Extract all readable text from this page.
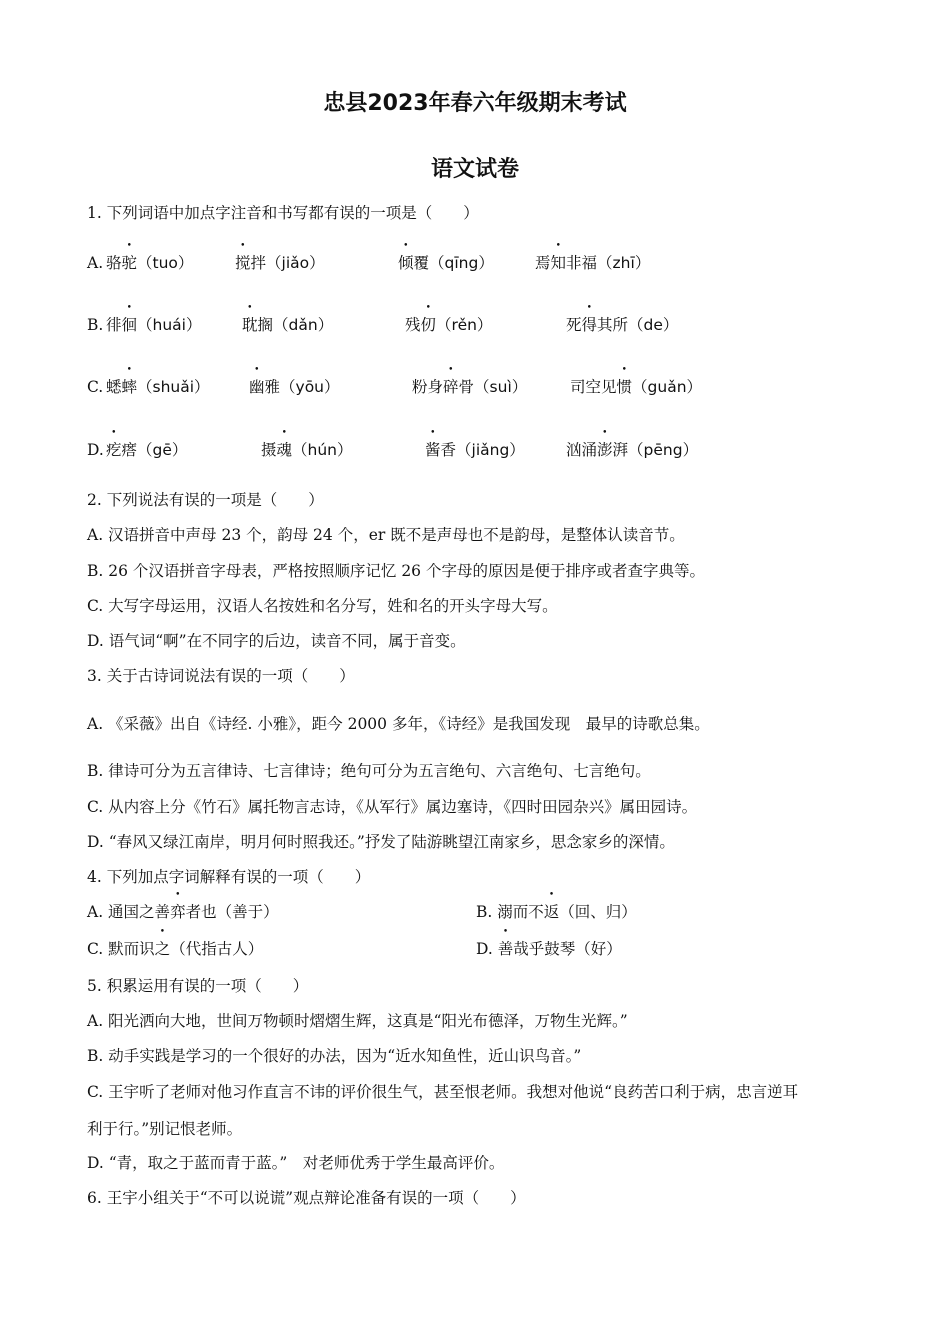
忠县2023年春六年级期末考试
语文试卷
1. 下列词语中加点字注音和书写都有误的一项是（　　）
A. 骆驼（tuo）	搅拌（jiǎo）	倾覆（qīng）	焉知非福（zhī）
B. 徘徊（huái）	耽搁（dǎn）	残仞（rěn）	死得其所（de）
C. 蟋蟀（shuǎi）	幽雅（yōu）	粉身碎骨（suì）	司空见惯（guǎn）
D. 疙瘩（gē）	摄魂（hún）	酱香（jiǎng）	汹涌澎湃（pēng）
2. 下列说法有误的一项是（　　）
A. 汉语拼音中声母 23 个，韵母 24 个，er 既不是声母也不是韵母，是整体认读音节。
B. 26 个汉语拼音字母表，严格按照顺序记忆 26 个字母的原因是便于排序或者查字典等。
C. 大写字母运用，汉语人名按姓和名分写，姓和名的开头字母大写。
D. 语气词“啊”在不同字的后边，读音不同，属于音变。
3. 关于古诗词说法有误的一项（　　）
A. 《采薇》出自《诗经. 小雅》，距今 2000 多年，《诗经》是我国发现　最早的诗歌总集。
B. 律诗可分为五言律诗、七言律诗；绝句可分为五言绝句、六言绝句、七言绝句。
C. 从内容上分《竹石》属托物言志诗，《从军行》属边塞诗，《四时田园杂兴》属田园诗。
D. “春风又绿江南岸，明月何时照我还。”抒发了陆游眺望江南家乡，思念家乡的深情。
4. 下列加点字词解释有误的一项（　　）
A. 通国之善弈者也（善于）	B. 溺而不返（回、归）
C. 默而识之（代指古人）	D. 善哉乎鼓琴（好）
5. 积累运用有误的一项（　　）
A. 阳光洒向大地，世间万物顿时熠熠生辉，这真是“阳光布德泽，万物生光辉。”
B. 动手实践是学习的一个很好的办法，因为“近水知鱼性，近山识鸟音。”
C. 王宇听了老师对他习作直言不讳的评价很生气，甚至恨老师。我想对他说“良药苦口利于病，忠言逆耳
利于行。”别记恨老师。
D. “青，取之于蓝而青于蓝。”　对老师优秀于学生最高评价。
6. 王宇小组关于“不可以说谎”观点辩论准备有误的一项（　　）
